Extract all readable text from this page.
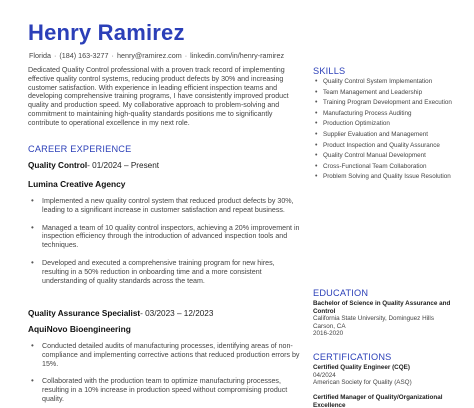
Henry Ramirez
Florida · (184) 163-3277 · henry@ramirez.com · linkedin.com/in/henry-ramirez

Dedicated Quality Control professional with a proven track record of implementing effective quality control systems, reducing product defects by 30% and increasing customer satisfaction. With experience in leading efficient inspection teams and developing comprehensive training programs, I have consistently improved product quality and production speed. My collaborative approach to problem-solving and commitment to maintaining high-quality standards positions me to significantly contribute to operational excellence in my next role.

CAREER EXPERIENCE
Quality Control- 01/2024 – Present
Lumina Creative Agency
• Implemented a new quality control system that reduced product defects by 30%, leading to a significant increase in customer satisfaction and repeat business.
• Managed a team of 10 quality control inspectors, achieving a 20% improvement in inspection efficiency through the introduction of advanced inspection tools and techniques.
• Developed and executed a comprehensive training program for new hires, resulting in a 50% reduction in onboarding time and a more consistent understanding of quality standards across the team.
Quality Assurance Specialist- 03/2023 – 12/2023
AquiNovo Bioengineering
• Conducted detailed audits of manufacturing processes, identifying areas of non-compliance and implementing corrective actions that reduced production errors by 15%.
• Collaborated with the production team to optimize manufacturing processes, resulting in a 10% increase in production speed without compromising product quality.
SKILLS
• Quality Control System Implementation
• Team Management and Leadership
• Training Program Development and Execution
• Manufacturing Process Auditing
• Production Optimization
• Supplier Evaluation and Management
• Product Inspection and Quality Assurance
• Quality Control Manual Development
• Cross-Functional Team Collaboration
• Problem Solving and Quality Issue Resolution
EDUCATION
Bachelor of Science in Quality Assurance and Control
California State University, Dominguez Hills
Carson, CA
2016-2020
CERTIFICATIONS
Certified Quality Engineer (CQE)
04/2024
American Society for Quality (ASQ)
Certified Manager of Quality/Organizational Excellence
